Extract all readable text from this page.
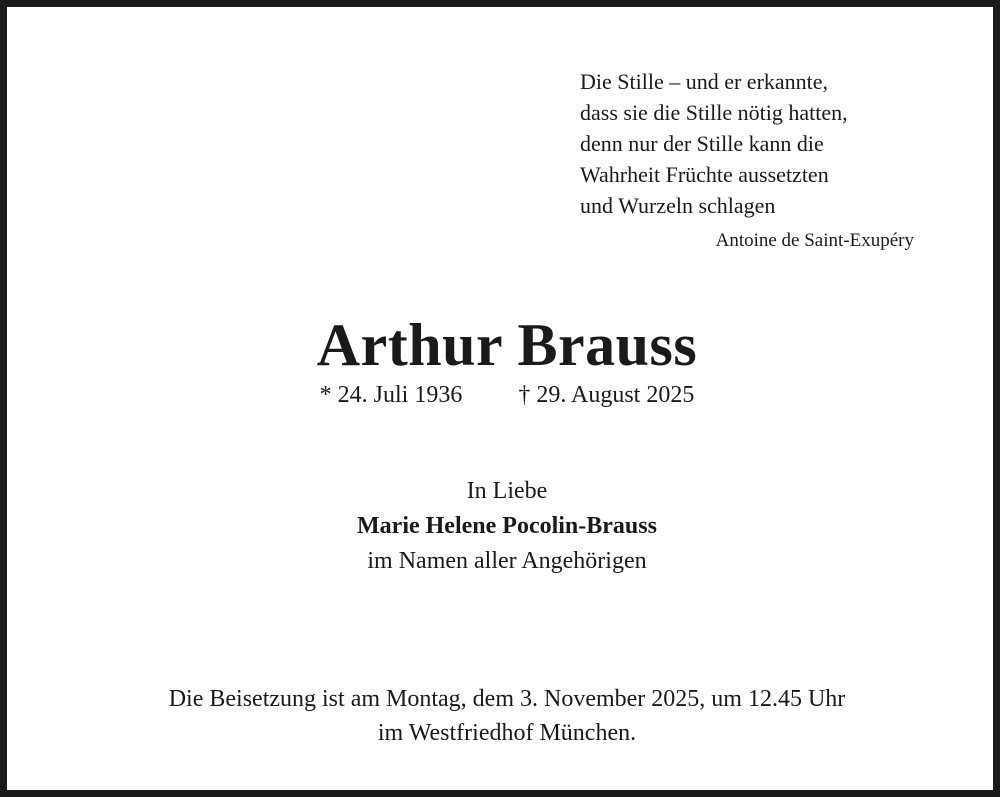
Die Stille – und er erkannte,
dass sie die Stille nötig hatten,
denn nur der Stille kann die
Wahrheit Früchte aussetzten
und Wurzeln schlagen
Antoine de Saint-Exupéry
Arthur Brauss
* 24. Juli 1936 † 29. August 2025
In Liebe
Marie Helene Pocolin-Brauss
im Namen aller Angehörigen
Die Beisetzung ist am Montag, dem 3. November 2025, um 12.45 Uhr
im Westfriedhof München.
